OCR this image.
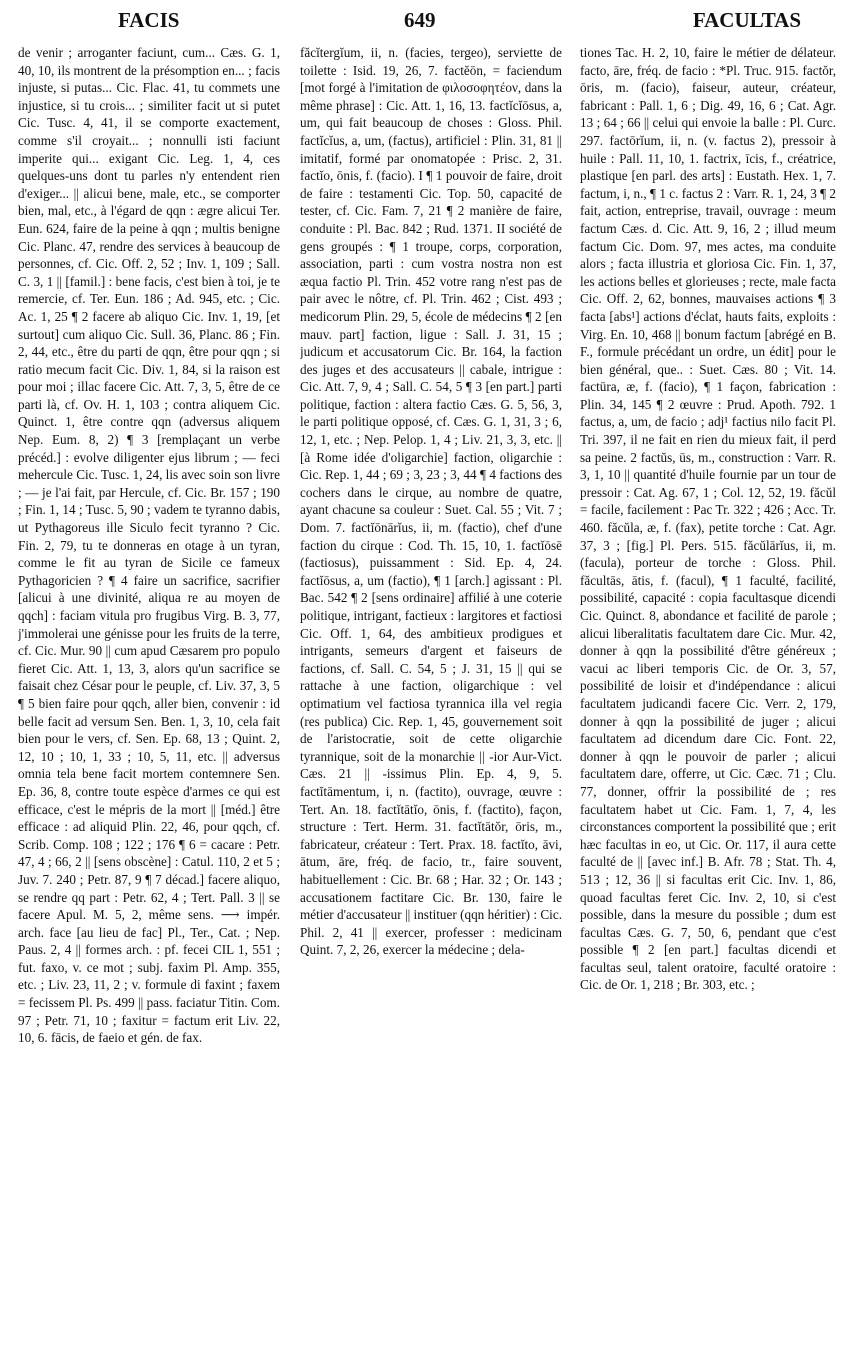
FACIS	649	FACULTAS

de venir ; arroganter faciunt, cum... Cæs. G. 1, 40, 10, ils montrent de la présomption en... ; facis injuste, si putas... Cic. Flac. 41, tu commets une injustice, si tu crois... ; similiter facit ut si putet Cic. Tusc. 4, 41, il se comporte exactement, comme s'il croyait... ; nonnulli isti faciunt imperite qui... exigant Cic. Leg. 1, 4, ces quelques-uns dont tu parles n'y entendent rien d'exiger... || alicui bene, male, etc., se comporter bien, mal, etc., à l'égard de qqn : ægre alicui Ter. Eun. 624, faire de la peine à qqn ; multis benigne Cic. Planc. 47, rendre des services à beaucoup de personnes, cf. Cic. Off. 2, 52 ; Inv. 1, 109 ; Sall. C. 3, 1 || [famil.] : bene facis, c'est bien à toi, je te remercie, cf. Ter. Eun. 186 ; Ad. 945, etc. ; Cic. Ac. 1, 25 ¶ 2 facere ab aliquo Cic. Inv. 1, 19, [et surtout] cum aliquo Cic. Sull. 36, Planc. 86 ; Fin. 2, 44, etc., être du parti de qqn, être pour qqn ; si ratio mecum facit Cic. Div. 1, 84, si la raison est pour moi ; illac facere Cic. Att. 7, 3, 5, être de ce parti là, cf. Ov. H. 1, 103 ; contra aliquem Cic. Quinct. 1, être contre qqn (adversus aliquem Nep. Eum. 8, 2) ¶ 3 [remplaçant un verbe précéd.] : evolve diligenter ejus librum ; — feci mehercule Cic. Tusc. 1, 24, lis avec soin son livre ; — je l'ai fait, par Hercule, cf. Cic. Br. 157 ; 190 ; Fin. 1, 14 ; Tusc. 5, 90 ; vadem te tyranno dabis, ut Pythagoreus ille Siculo fecit tyranno ? Cic. Fin. 2, 79, tu te donneras en otage à un tyran, comme le fit au tyran de Sicile ce fameux Pythagoricien ? ¶ 4 faire un sacrifice, sacrifier [alicui à une divinité, aliqua re au moyen de qqch] : faciam vitula pro frugibus Virg. B. 3, 77, j'immolerai une génisse pour les fruits de la terre, cf. Cic. Mur. 90 || cum apud Cæsarem pro populo fieret Cic. Att. 1, 13, 3, alors qu'un sacrifice se faisait chez César pour le peuple, cf. Liv. 37, 3, 5 ¶ 5 bien faire pour qqch, aller bien, convenir : id belle facit ad versum Sen. Ben. 1, 3, 10, cela fait bien pour le vers, cf. Sen. Ep. 68, 13 ; Quint. 2, 12, 10 ; 10, 1, 33 ; 10, 5, 11, etc. || adversus omnia tela bene facit mortem contemnere Sen. Ep. 36, 8, contre toute espèce d'armes ce qui est efficace, c'est le mépris de la mort || [méd.] être efficace : ad aliquid Plin. 22, 46, pour qqch, cf. Scrib. Comp. 108 ; 122 ; 176 ¶ 6 = cacare : Petr. 47, 4 ; 66, 2 || [sens obscène] : Catul. 110, 2 et 5 ; Juv. 7. 240 ; Petr. 87, 9 ¶ 7 décad.] facere aliquo, se rendre qq part : Petr. 62, 4 ; Tert. Pall. 3 || se facere Apul. M. 5, 2, même sens. ⟶ impér. arch. face [au lieu de fac] Pl., Ter., Cat. ; Nep. Paus. 2, 4 || formes arch. : pf. fecei CIL 1, 551 ; fut. faxo, v. ce mot ; subj. faxim Pl. Amp. 355, etc. ; Liv. 23, 11, 2 ; v. formule di faxint ; faxem = fecissem Pl. Ps. 499 || pass. faciatur Titin. Com. 97 ; Petr. 71, 10 ; faxitur = factum erit Liv. 22, 10, 6. fācis, de faeio et gén. de fax.

făcĭtergĭum, ii, n. (facies, tergeo), serviette de toilette : Isid. 19, 26, 7. factĕōn, = faciendum [mot forgé à l'imitation de φιλοσοφητέον, dans la même phrase] : Cic. Att. 1, 16, 13. factĭcĭōsus, a, um, qui fait beaucoup de choses : Gloss. Phil. factĭcĭus, a, um, (factus), artificiel : Plin. 31, 81 || imitatif, formé par onomatopée : Prisc. 2, 31. factĭo, ōnis, f. (facio). I ¶ 1 pouvoir de faire, droit de faire : testamenti Cic. Top. 50, capacité de tester, cf. Cic. Fam. 7, 21 ¶ 2 manière de faire, conduite : Pl. Bac. 842 ; Rud. 1371. II société de gens groupés : ¶ 1 troupe, corps, corporation, association, parti : cum vostra nostra non est æqua factio Pl. Trin. 452 votre rang n'est pas de pair avec le nôtre, cf. Pl. Trin. 462 ; Cist. 493 ; medicorum Plin. 29, 5, école de médecins ¶ 2 [en mauv. part] faction, ligue : Sall. J. 31, 15 ; judicum et accusatorum Cic. Br. 164, la faction des juges et des accusateurs || cabale, intrigue : Cic. Att. 7, 9, 4 ; Sall. C. 54, 5 ¶ 3 [en part.] parti politique, faction : altera factio Cæs. G. 5, 56, 3, le parti politique opposé, cf. Cæs. G. 1, 31, 3 ; 6, 12, 1, etc. ; Nep. Pelop. 1, 4 ; Liv. 21, 3, 3, etc. || [à Rome idée d'oligarchie] faction, oligarchie : Cic. Rep. 1, 44 ; 69 ; 3, 23 ; 3, 44 ¶ 4 factions des cochers dans le cirque, au nombre de quatre, ayant chacune sa couleur : Suet. Cal. 55 ; Vit. 7 ; Dom. 7. factĭōnārĭus, ii, m. (factio), chef d'une faction du cirque : Cod. Th. 15, 10, 1. factĭōsē (factiosus), puissamment : Sid. Ep. 4, 24. factĭōsus, a, um (factio), ¶ 1 [arch.] agissant : Pl. Bac. 542 ¶ 2 [sens ordinaire] affilié à une coterie politique, intrigant, factieux : largitores et factiosi Cic. Off. 1, 64, des ambitieux prodigues et intrigants, semeurs d'argent et faiseurs de factions, cf. Sall. C. 54, 5 ; J. 31, 15 || qui se rattache à une faction, oligarchique : vel optimatium vel factiosa tyrannica illa vel regia (res publica) Cic. Rep. 1, 45, gouvernement soit de l'aristocratie, soit de cette oligarchie tyrannique, soit de la monarchie || -ior Aur-Vict. Cæs. 21 || -issimus Plin. Ep. 4, 9, 5. factĭtāmentum, i, n. (factito), ouvrage, œuvre : Tert. An. 18. factĭtātĭo, ōnis, f. (factito), façon, structure : Tert. Herm. 31. factĭtātŏr, ōris, m., fabricateur, créateur : Tert. Prax. 18. factĭto, āvi, ātum, āre, fréq. de facio, tr., faire souvent, habituellement : Cic. Br. 68 ; Har. 32 ; Or. 143 ; accusationem factitare Cic. Br. 130, faire le métier d'accusateur || instituer (qqn héritier) : Cic. Phil. 2, 41 || exercer, professer : medicinam Quint. 7, 2, 26, exercer la médecine ; dela-

tiones Tac. H. 2, 10, faire le métier de délateur. facto, āre, fréq. de facio : *Pl. Truc. 915. factŏr, ōris, m. (facio), faiseur, auteur, créateur, fabricant : Pall. 1, 6 ; Dig. 49, 16, 6 ; Cat. Agr. 13 ; 64 ; 66 || celui qui envoie la balle : Pl. Curc. 297. factōrĭum, ii, n. (v. factus 2), pressoir à huile : Pall. 11, 10, 1. factrix, īcis, f., créatrice, plastique [en parl. des arts] : Eustath. Hex. 1, 7. factum, i, n., ¶ 1 c. factus 2 : Varr. R. 1, 24, 3 ¶ 2 fait, action, entreprise, travail, ouvrage : meum factum Cæs. d. Cic. Att. 9, 16, 2 ; illud meum factum Cic. Dom. 97, mes actes, ma conduite alors ; facta illustria et gloriosa Cic. Fin. 1, 37, les actions belles et glorieuses ; recte, male facta Cic. Off. 2, 62, bonnes, mauvaises actions ¶ 3 facta [abs¹] actions d'éclat, hauts faits, exploits : Virg. En. 10, 468 || bonum factum [abrégé en B. F., formule précédant un ordre, un édit] pour le bien général, que.. : Suet. Cæs. 80 ; Vit. 14. factūra, æ, f. (facio), ¶ 1 façon, fabrication : Plin. 34, 145 ¶ 2 œuvre : Prud. Apoth. 792. 1 factus, a, um, de facio ; adj¹ factius nilo facit Pl. Tri. 397, il ne fait en rien du mieux fait, il perd sa peine. 2 factŭs, ūs, m., construction : Varr. R. 3, 1, 10 || quantité d'huile fournie par un tour de pressoir : Cat. Ag. 67, 1 ; Col. 12, 52, 19. făcŭl = facile, facilement : Pac Tr. 322 ; 426 ; Acc. Tr. 460. făcŭla, æ, f. (fax), petite torche : Cat. Agr. 37, 3 ; [fig.] Pl. Pers. 515. făcŭlārĭus, ii, m. (facula), porteur de torche : Gloss. Phil. făcultās, ātis, f. (facul), ¶ 1 faculté, facilité, possibilité, capacité : copia facultasque dicendi Cic. Quinct. 8, abondance et facilité de parole ; alicui liberalitatis facultatem dare Cic. Mur. 42, donner à qqn la possibilité d'être généreux ; vacui ac liberi temporis Cic. de Or. 3, 57, possibilité de loisir et d'indépendance : alicui facultatem judicandi facere Cic. Verr. 2, 179, donner à qqn la possibilité de juger ; alicui facultatem ad dicendum dare Cic. Font. 22, donner à qqn le pouvoir de parler ; alicui facultatem dare, offerre, ut Cic. Cæc. 71 ; Clu. 77, donner, offrir la possibilité de ; res facultatem habet ut Cic. Fam. 1, 7, 4, les circonstances comportent la possibilité que ; erit hæc facultas in eo, ut Cic. Or. 117, il aura cette faculté de || [avec inf.] B. Afr. 78 ; Stat. Th. 4, 513 ; 12, 36 || si facultas erit Cic. Inv. 1, 86, quoad facultas feret Cic. Inv. 2, 10, si c'est possible, dans la mesure du possible ; dum est facultas Cæs. G. 7, 50, 6, pendant que c'est possible ¶ 2 [en part.] facultas dicendi et facultas seul, talent oratoire, faculté oratoire : Cic. de Or. 1, 218 ; Br. 303, etc. ;
